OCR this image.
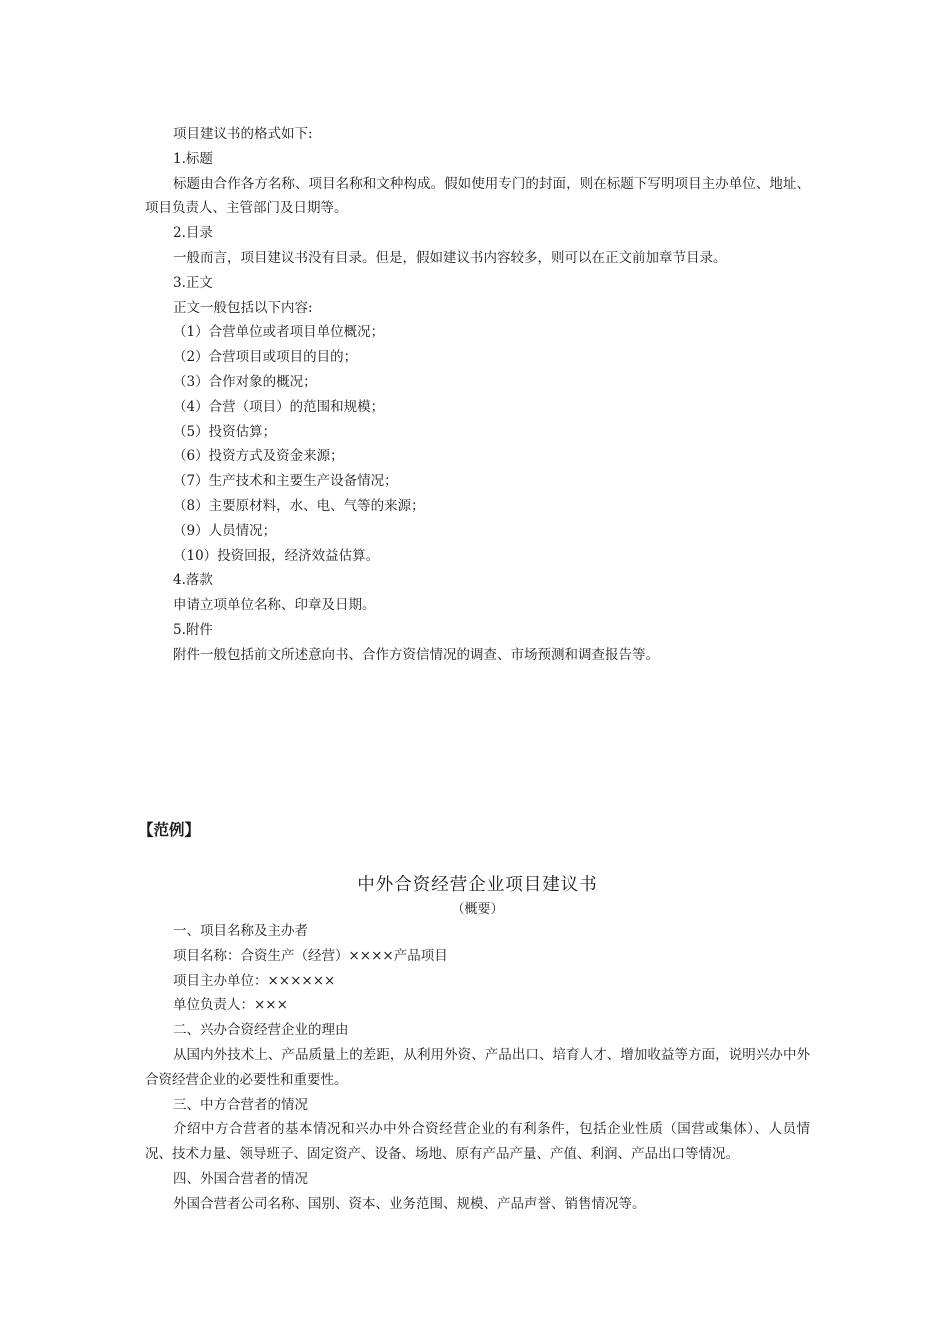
项目建议书的格式如下:

1.标题

标题由合作各方名称、项目名称和文种构成。假如使用专门的封面，则在标题下写明项目主办单位、地址、项目负责人、主管部门及日期等。

2.目录

一般而言，项目建议书没有目录。但是，假如建议书内容较多，则可以在正文前加章节目录。

3.正文

正文一般包括以下内容:

（1）合营单位或者项目单位概况；

（2）合营项目或项目的目的；

（3）合作对象的概况；

（4）合营（项目）的范围和规模；

（5）投资估算；

（6）投资方式及资金来源；

（7）生产技术和主要生产设备情况；

（8）主要原材料，水、电、气等的来源；

（9）人员情况；

（10）投资回报，经济效益估算。

4.落款

申请立项单位名称、印章及日期。

5.附件

附件一般包括前文所述意向书、合作方资信情况的调查、市场预测和调查报告等。

【范例】
中外合资经营企业项目建议书
（概要）

一、项目名称及主办者

项目名称：合资生产（经营）××××产品项目

项目主办单位：××××××

单位负责人：×××

二、兴办合资经营企业的理由

从国内外技术上、产品质量上的差距，从利用外资、产品出口、培育人才、增加收益等方面，说明兴办中外合资经营企业的必要性和重要性。

三、中方合营者的情况

介绍中方合营者的基本情况和兴办中外合资经营企业的有利条件，包括企业性质（国营或集体）、人员情况、技术力量、领导班子、固定资产、设备、场地、原有产品产量、产值、利润、产品出口等情况。

四、外国合营者的情况

外国合营者公司名称、国别、资本、业务范围、规模、产品声誉、销售情况等。
